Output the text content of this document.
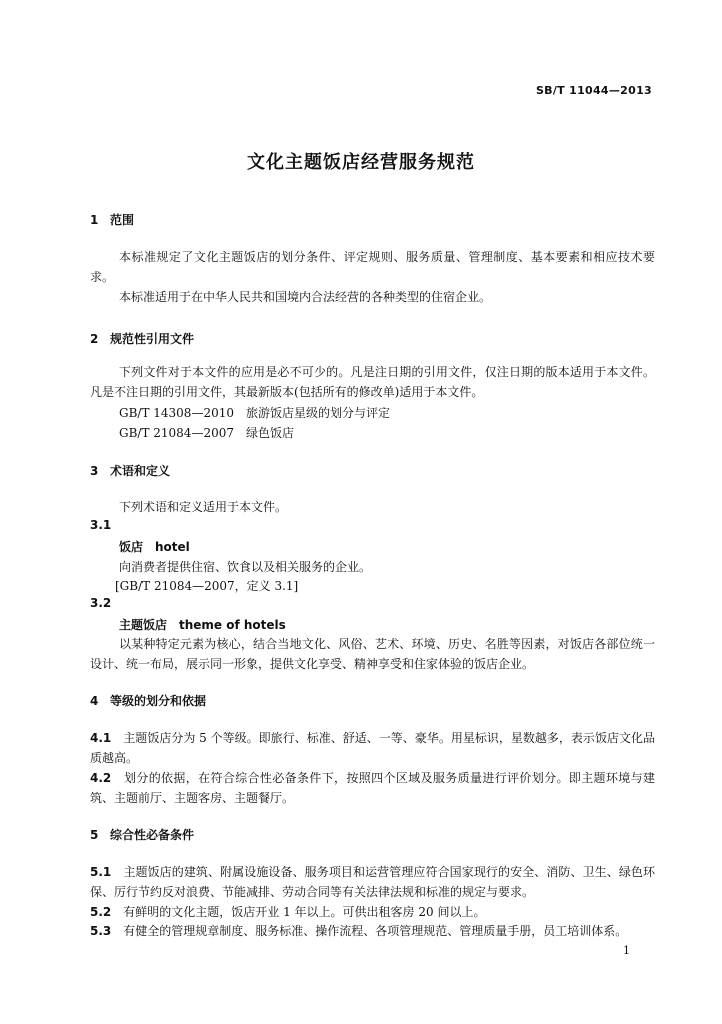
SB/T 11044—2013
文化主题饭店经营服务规范
1 范围
本标准规定了文化主题饭店的划分条件、评定规则、服务质量、管理制度、基本要素和相应技术要求。
本标准适用于在中华人民共和国境内合法经营的各种类型的住宿企业。
2 规范性引用文件
下列文件对于本文件的应用是必不可少的。凡是注日期的引用文件，仅注日期的版本适用于本文件。凡是不注日期的引用文件，其最新版本(包括所有的修改单)适用于本文件。
GB/T 14308—2010　旅游饭店星级的划分与评定
GB/T 21084—2007　绿色饭店
3 术语和定义
下列术语和定义适用于本文件。
3.1
饭店　hotel
向消费者提供住宿、饮食以及相关服务的企业。
[GB/T 21084—2007，定义 3.1]
3.2
主题饭店　theme of hotels
以某种特定元素为核心，结合当地文化、风俗、艺术、环境、历史、名胜等因素，对饭店各部位统一设计、统一布局，展示同一形象，提供文化享受、精神享受和住家体验的饭店企业。
4 等级的划分和依据
4.1　 主题饭店分为 5 个等级。即旅行、标准、舒适、一等、豪华。用星标识，星数越多，表示饭店文化品质越高。
4.2　 划分的依据，在符合综合性必备条件下，按照四个区域及服务质量进行评价划分。即主题环境与建筑、主题前厅、主题客房、主题餐厅。
5 综合性必备条件
5.1　 主题饭店的建筑、附属设施设备、服务项目和运营管理应符合国家现行的安全、消防、卫生、绿色环保、厉行节约反对浪费、节能减排、劳动合同等有关法律法规和标准的规定与要求。
5.2　 有鲜明的文化主题，饭店开业 1 年以上。可供出租客房 20 间以上。
5.3　 有健全的管理规章制度、服务标准、操作流程、各项管理规范、管理质量手册，员工培训体系。
1
